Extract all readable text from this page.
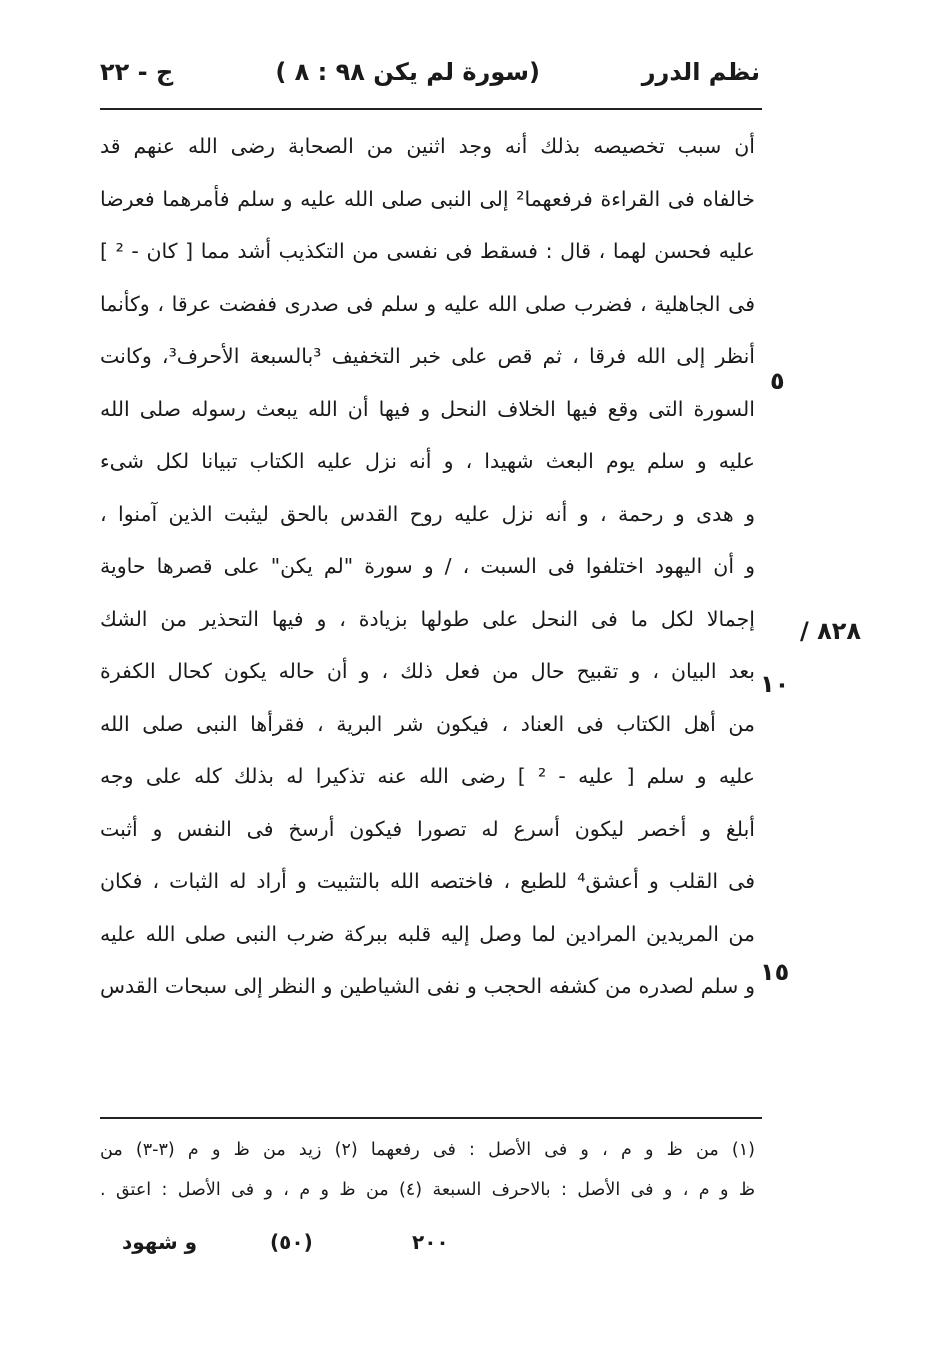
نظم الدرر
(سورة لم يكن ٩٨ : ٨ )
ج - ٢٢
أن سبب تخصيصه بذلك أنه وجد اثنين من الصحابة رضى الله عنهم قد
خالفاه فى القراءة فرفعهما² إلى النبى صلى الله عليه و سلم فأمرهما فعرضا
عليه فحسن لهما ، قال : فسقط فى نفسى من التكذيب أشد مما [ كان - ² ]
فى الجاهلية ، فضرب صلى الله عليه و سلم فى صدرى ففضت عرقا ، وكأنما
أنظر إلى الله فرقا ، ثم قص على خبر التخفيف ³بالسبعة الأحرف³، وكانت
السورة التى وقع فيها الخلاف النحل و فيها أن الله يبعث رسوله صلى الله
عليه و سلم يوم البعث شهيدا ، و أنه نزل عليه الكتاب تبيانا لكل شىء
و هدى و رحمة ، و أنه نزل عليه روح القدس بالحق ليثبت الذين آمنوا ،
و أن اليهود اختلفوا فى السبت ، / و سورة "لم يكن" على قصرها حاوية
إجمالا لكل ما فى النحل على طولها بزيادة ، و فيها التحذير من الشك
بعد البيان ، و تقبيح حال من فعل ذلك ، و أن حاله يكون كحال الكفرة
من أهل الكتاب فى العناد ، فيكون شر البرية ، فقرأها النبى صلى الله
عليه و سلم [ عليه - ² ] رضى الله عنه تذكيرا له بذلك كله على وجه
أبلغ و أخصر ليكون أسرع له تصورا فيكون أرسخ فى النفس و أثبت
فى القلب و أعشق⁴ للطبع ، فاختصه الله بالتثبيت و أراد له الثبات ، فكان
من المريدين المرادين لما وصل إليه قلبه ببركة ضرب النبى صلى الله عليه
و سلم لصدره من كشفه الحجب و نفى الشياطين و النظر إلى سبحات القدس
٥
١٠
١٥
/ ٨٢٨
(١) من ظ و م ، و فى الأصل : فى رفعهما (٢) زيد من ظ و م (٣-٣) من
ظ و م ، و فى الأصل : بالاحرف السبعة (٤) من ظ و م ، و فى الأصل : اعتق .
و شهود	(٥٠)	٢٠٠
